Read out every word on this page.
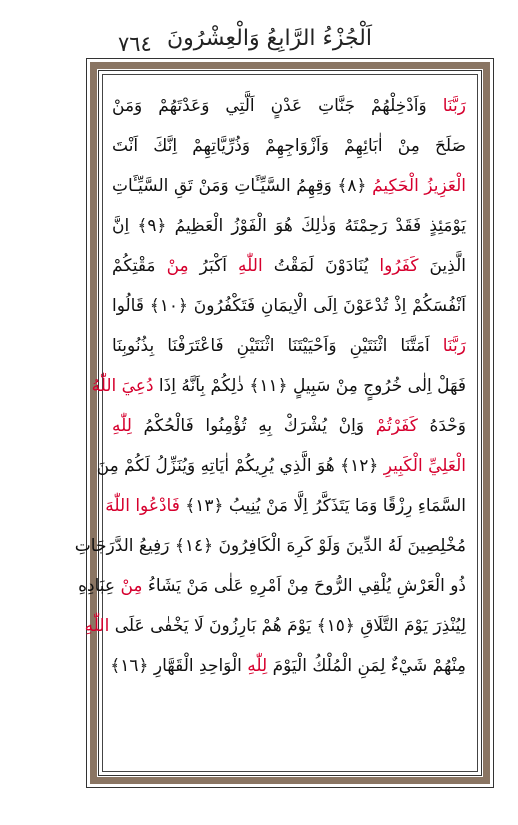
٤٦٧ اَلْجُزْءُ الرَّابِعُ وَالْعِشْرُونَ
رَبَّنَا وَاَدْخِلْهُمْ جَنَّاتِ عَدْنٍ اَلَّتِي وَعَدْتَهُمْ وَمَنْ
صَلَحَ مِنْ اٰبَائِهِمْ وَاَزْوَاجِهِمْ وَذُرِّيَّاتِهِمْ اِنَّكَ اَنْتَ
الْعَزِيزُ الْحَكِيمُ ﴿٨﴾ وَقِهِمُ السَّيِّـَٔاتِ وَمَنْ تَقِ السَّيِّـَٔاتِ
يَوْمَئِذٍ فَقَدْ رَحِمْتَهُ وَذٰلِكَ هُوَ الْفَوْزُ الْعَظِيمُ ﴿٩﴾ اِنَّ
الَّذِينَ كَفَرُوا يُنَادَوْنَ لَمَقْتُ اللّٰهِ اَكْبَرُ مِنْ مَقْتِكُمْ
اَنْفُسَكُمْ اِذْ تُدْعَوْنَ اِلَى الْاِيمَانِ فَتَكْفُرُونَ ﴿١٠﴾ قَالُوا
رَبَّنَا اَمَتَّنَا اثْنَتَيْنِ وَاَحْيَيْتَنَا اثْنَتَيْنِ فَاعْتَرَفْنَا بِذُنُوبِنَا
فَهَلْ اِلٰى خُرُوجٍ مِنْ سَبِيلٍ ﴿١١﴾ ذٰلِكُمْ بِاَنَّهُ اِذَا دُعِيَ اللّٰهُ
وَحْدَهُ كَفَرْتُمْ وَاِنْ يُشْرَكْ بِهِ تُؤْمِنُوا فَالْحُكْمُ لِلّٰهِ
الْعَلِيِّ الْكَبِيرِ ﴿١٢﴾ هُوَ الَّذِي يُرِيكُمْ اٰيَاتِهِ وَيُنَزِّلُ لَكُمْ مِنَ
السَّمَاءِ رِزْقًا وَمَا يَتَذَكَّرُ اِلَّا مَنْ يُنِيبُ ﴿١٣﴾ فَادْعُوا اللّٰهَ
مُخْلِصِينَ لَهُ الدِّينَ وَلَوْ كَرِهَ الْكَافِرُونَ ﴿١٤﴾ رَفِيعُ الدَّرَجَاتِ
ذُو الْعَرْشِ يُلْقِي الرُّوحَ مِنْ اَمْرِهِ عَلٰى مَنْ يَشَاءُ مِنْ عِبَادِهِ
لِيُنْذِرَ يَوْمَ التَّلَاقِ ﴿١٥﴾ يَوْمَ هُمْ بَارِزُونَ لَا يَخْفٰى عَلَى اللّٰهِ
مِنْهُمْ شَيْءٌ لِمَنِ الْمُلْكُ الْيَوْمَ لِلّٰهِ الْوَاحِدِ الْقَهَّارِ ﴿١٦﴾
